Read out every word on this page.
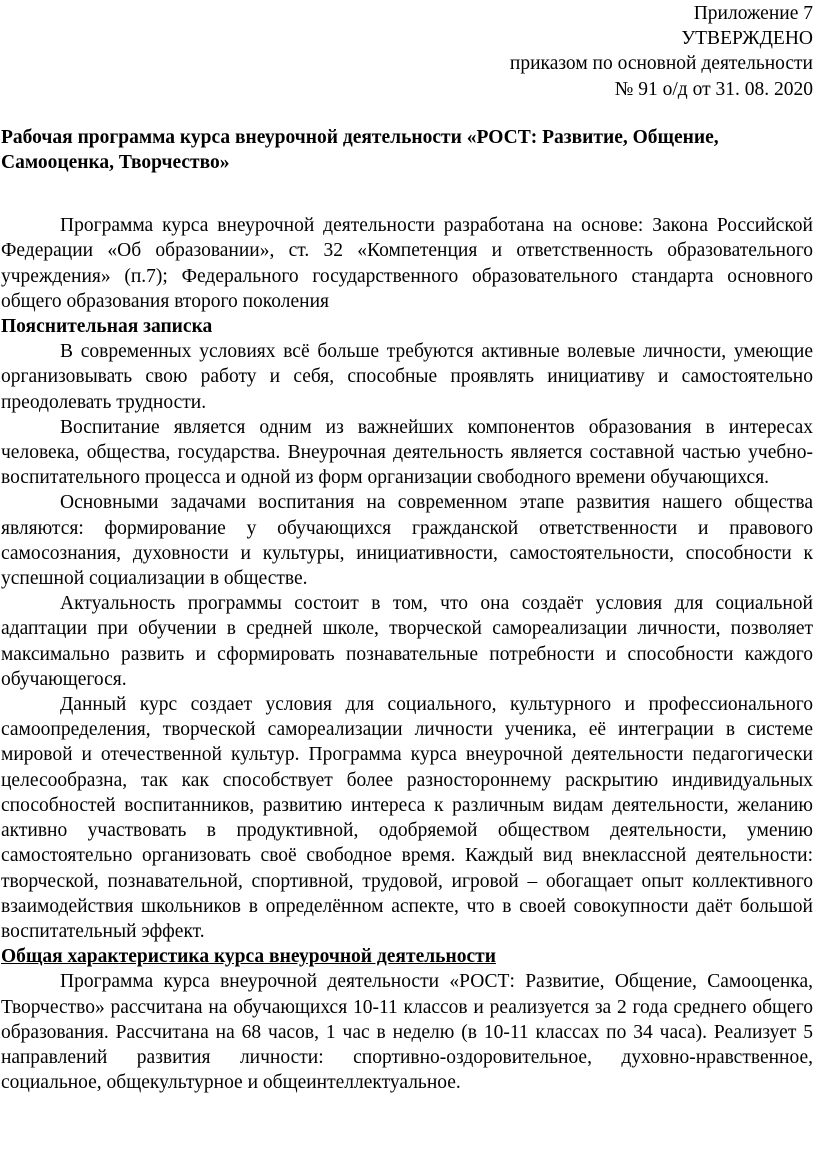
Приложение 7
УТВЕРЖДЕНО
приказом по основной деятельности
№ 91 о/д от 31. 08. 2020

Рабочая программа курса внеурочной деятельности «РОСТ: Развитие, Общение, Самооценка, Творчество»

Программа курса внеурочной деятельности разработана на основе: Закона Российской Федерации «Об образовании», ст. 32 «Компетенция и ответственность образовательного учреждения» (п.7); Федерального государственного образовательного стандарта основного общего образования второго поколения

Пояснительная записка

В современных условиях всё больше требуются активные волевые личности, умеющие организовывать свою работу и себя, способные проявлять инициативу и самостоятельно преодолевать трудности.

Воспитание является одним из важнейших компонентов образования в интересах человека, общества, государства. Внеурочная деятельность является составной частью учебно-воспитательного процесса и одной из форм организации свободного времени обучающихся.

Основными задачами воспитания на современном этапе развития нашего общества являются: формирование у обучающихся гражданской ответственности и правового самосознания, духовности и культуры, инициативности, самостоятельности, способности к успешной социализации в обществе.

Актуальность программы состоит в том, что она создаёт условия для социальной адаптации при обучении в средней школе, творческой самореализации личности, позволяет максимально развить и сформировать познавательные потребности и способности каждого обучающегося.

Данный курс создает условия для социального, культурного и профессионального самоопределения, творческой самореализации личности ученика, её интеграции в системе мировой и отечественной культур. Программа курса внеурочной деятельности педагогически целесообразна, так как способствует более разностороннему раскрытию индивидуальных способностей воспитанников, развитию интереса к различным видам деятельности, желанию активно участвовать в продуктивной, одобряемой обществом деятельности, умению самостоятельно организовать своё свободное время. Каждый вид внеклассной деятельности: творческой, познавательной, спортивной, трудовой, игровой – обогащает опыт коллективного взаимодействия школьников в определённом аспекте, что в своей совокупности даёт большой воспитательный эффект.

Общая характеристика курса внеурочной деятельности

Программа курса внеурочной деятельности «РОСТ: Развитие, Общение, Самооценка, Творчество» рассчитана на обучающихся 10-11 классов и реализуется за 2 года среднего общего образования. Рассчитана на 68 часов, 1 час в неделю (в 10-11 классах по 34 часа). Реализует 5 направлений развития личности: спортивно-оздоровительное, духовно-нравственное, социальное, общекультурное и общеинтеллектуальное.
